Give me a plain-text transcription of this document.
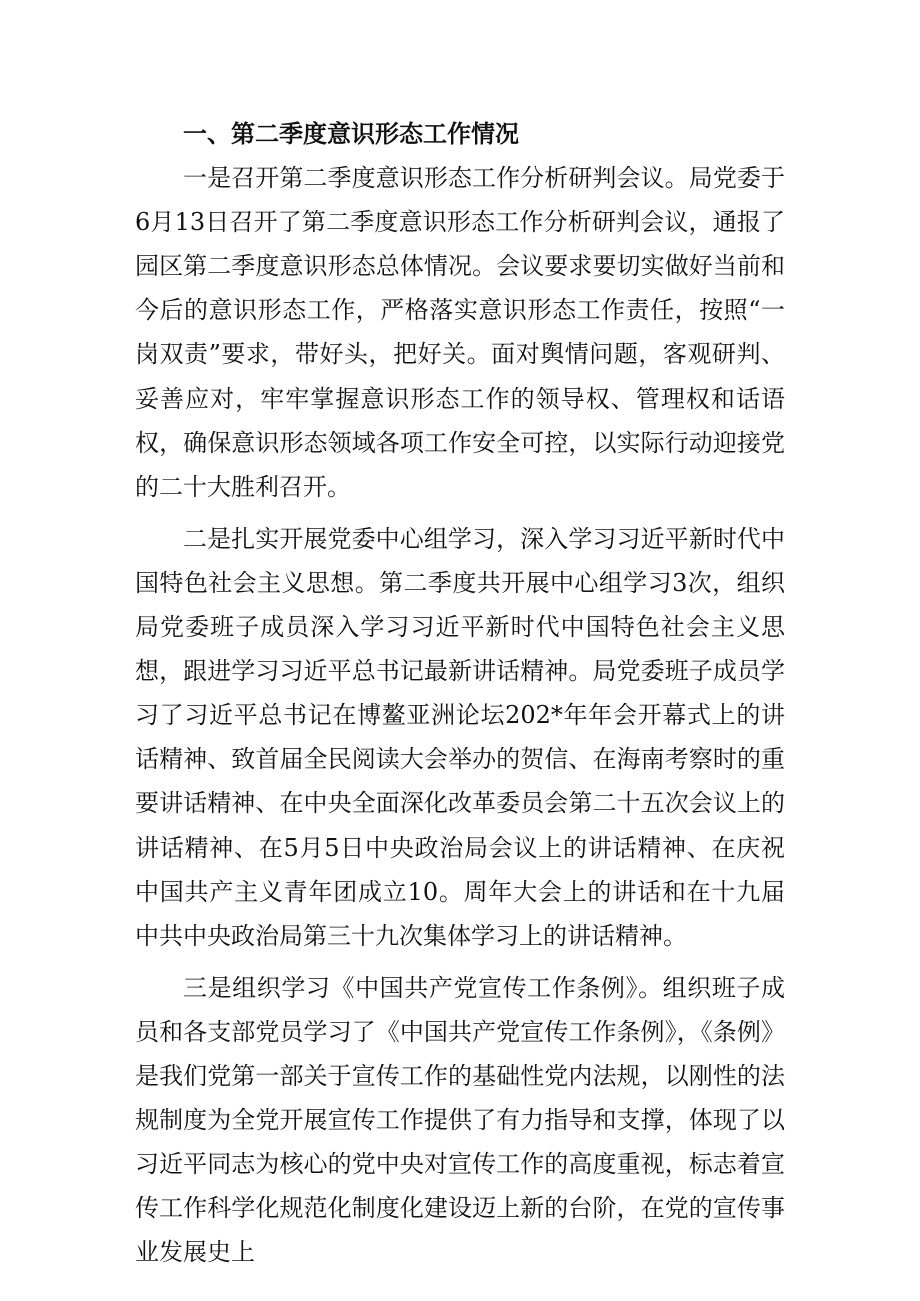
一、第二季度意识形态工作情况

一是召开第二季度意识形态工作分析研判会议。局党委于6月13日召开了第二季度意识形态工作分析研判会议，通报了园区第二季度意识形态总体情况。会议要求要切实做好当前和今后的意识形态工作，严格落实意识形态工作责任，按照“一岗双责”要求，带好头，把好关。面对舆情问题，客观研判、妥善应对，牢牢掌握意识形态工作的领导权、管理权和话语权，确保意识形态领域各项工作安全可控，以实际行动迎接党的二十大胜利召开。

二是扎实开展党委中心组学习，深入学习习近平新时代中国特色社会主义思想。第二季度共开展中心组学习3次，组织局党委班子成员深入学习习近平新时代中国特色社会主义思想，跟进学习习近平总书记最新讲话精神。局党委班子成员学习了习近平总书记在博鳌亚洲论坛202*年年会开幕式上的讲话精神、致首届全民阅读大会举办的贺信、在海南考察时的重要讲话精神、在中央全面深化改革委员会第二十五次会议上的讲话精神、在5月5日中央政治局会议上的讲话精神、在庆祝中国共产主义青年团成立10。周年大会上的讲话和在十九届中共中央政治局第三十九次集体学习上的讲话精神。

三是组织学习《中国共产党宣传工作条例》。组织班子成员和各支部党员学习了《中国共产党宣传工作条例》，《条例》是我们党第一部关于宣传工作的基础性党内法规，以刚性的法规制度为全党开展宣传工作提供了有力指导和支撑，体现了以习近平同志为核心的党中央对宣传工作的高度重视，标志着宣传工作科学化规范化制度化建设迈上新的台阶，在党的宣传事业发展史上
